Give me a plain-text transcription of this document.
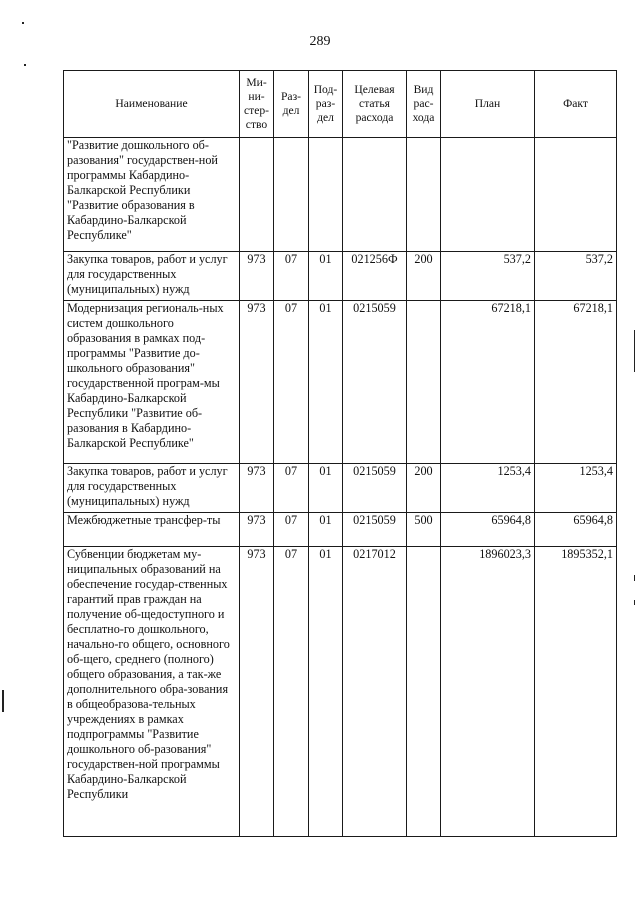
289
Наименование	Ми-ни-стер-ство	Раз-дел	Под-раз-дел	Целевая статья расхода	Вид рас-хода	План	Факт
"Развитие дошкольного об-разования" государствен-ной программы Кабардино-Балкарской Республики "Развитие образования в Кабардино-Балкарской Республике"							
Закупка товаров, работ и услуг для государственных (муниципальных) нужд	973	07	01	021256Ф	200	537,2	537,2
Модернизация региональ-ных систем дошкольного образования в рамках под-программы "Развитие до-школьного образования" государственной програм-мы Кабардино-Балкарской Республики "Развитие об-разования в Кабардино-Балкарской Республике"	973	07	01	0215059		67218,1	67218,1
Закупка товаров, работ и услуг для государственных (муниципальных) нужд	973	07	01	0215059	200	1253,4	1253,4
Межбюджетные трансфер-ты	973	07	01	0215059	500	65964,8	65964,8
Субвенции бюджетам му-ниципальных образований на обеспечение государ-ственных гарантий прав граждан на получение об-щедоступного и бесплатно-го дошкольного, начально-го общего, основного об-щего, среднего (полного) общего образования, а так-же дополнительного обра-зования в общеобразова-тельных учреждениях в рамках подпрограммы "Развитие дошкольного об-разования" государствен-ной программы Кабардино-Балкарской Республики	973	07	01	0217012		1896023,3	1895352,1
